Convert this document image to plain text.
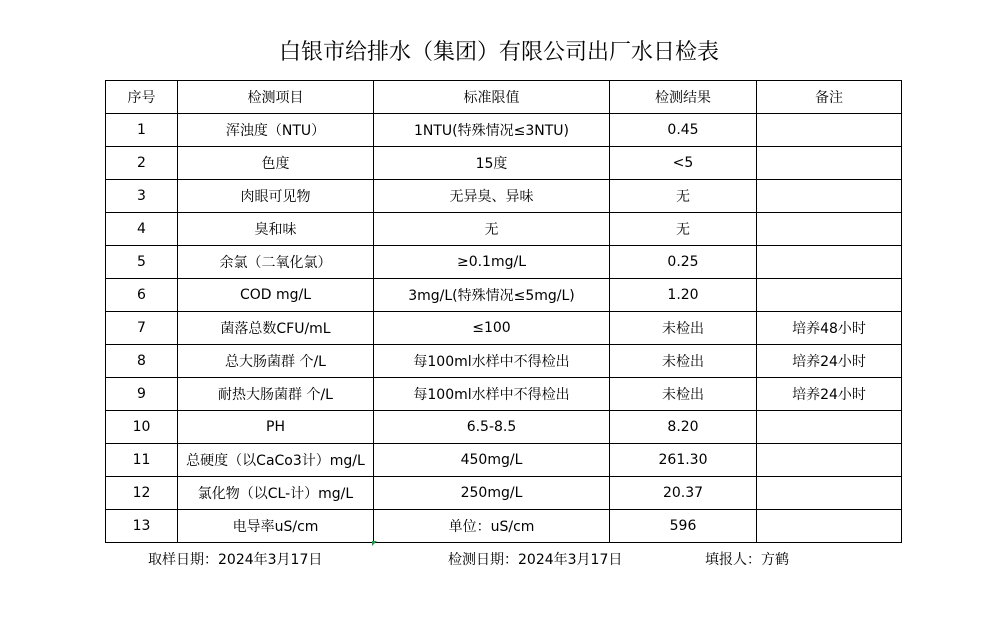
白银市给排水（集团）有限公司出厂水日检表
序号	检测项目	标准限值	检测结果	备注
1	浑浊度（NTU）	1NTU(特殊情况≤3NTU)	0.45	
2	色度	15度	<5	
3	肉眼可见物	无异臭、异味	无	
4	臭和味	无	无	
5	余氯（二氧化氯）	≥0.1mg/L	0.25	
6	COD mg/L	3mg/L(特殊情况≤5mg/L)	1.20	
7	菌落总数CFU/mL	≤100	未检出	培养48小时
8	总大肠菌群 个/L	每100ml水样中不得检出	未检出	培养24小时
9	耐热大肠菌群 个/L	每100ml水样中不得检出	未检出	培养24小时
10	PH	6.5-8.5	8.20	
11	总硬度（以CaCo3计）mg/L	450mg/L	261.30	
12	氯化物（以CL-计）mg/L	250mg/L	20.37	
13	电导率uS/cm	单位：uS/cm	596	
取样日期：2024年3月17日	检测日期：2024年3月17日	填报人：方鹤
